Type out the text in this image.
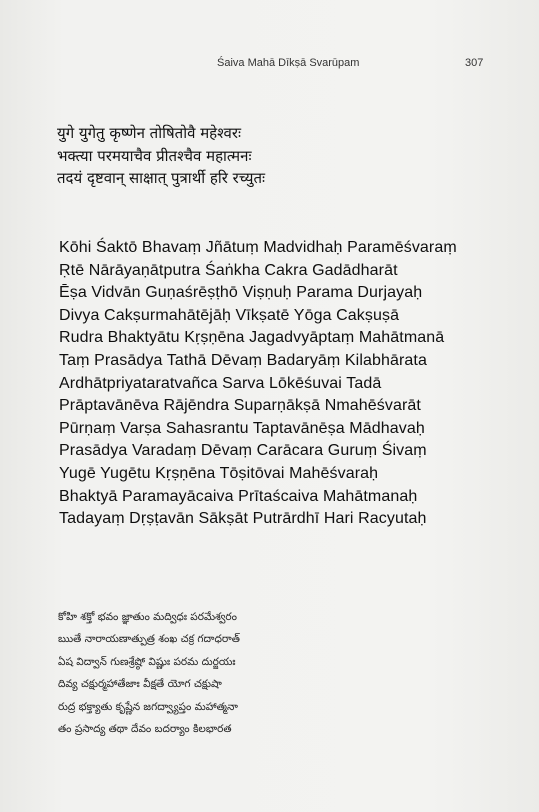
Śaiva Mahā Dīkṣā Svarūpam	307
युगे युगेतु कृष्णेन तोषितोवै महेश्वरः
भक्त्या परमयाचैव प्रीतश्चैव महात्मनः
तदयं दृष्टवान् साक्षात् पुत्रार्थी हरि रच्युतः
Kōhi Śaktō Bhavaṃ Jñātuṃ Madvidhaḥ Paramēśvaraṃ
Ṛtē Nārāyaṇātputra Śaṅkha Cakra Gadādharāt
Ēṣa Vidvān Guṇaśrēṣṭhō Viṣṇuḥ Parama Durjayaḥ
Divya Cakṣurmahātējāḥ Vīkṣatē Yōga Cakṣuṣā
Rudra Bhaktyātu Kṛṣṇēna Jagadvyāptaṃ Mahātmanā
Taṃ Prasādya Tathā Dēvaṃ Badaryāṃ Kilabhārata
Ardhātpriyataratvañca Sarva Lōkēśuvai Tadā
Prāptavānēva Rājēndra Suparṇākṣā Nmahēśvarāt
Pūrṇaṃ Varṣa Sahasrantu Taptavānēṣa Mādhavaḥ
Prasādya Varadaṃ Dēvaṃ Carācara Guruṃ Śivaṃ
Yugē Yugētu Kṛṣṇēna Tōṣitōvai Mahēśvaraḥ
Bhaktyā Paramayācaiva Prītaścaiva Mahātmanaḥ
Tadayaṃ Dṛṣṭavān Sākṣāt Putrārdhī Hari Racyutaḥ
కోహి శక్తో భవం జ్ఞాతుం మద్విధః పరమేశ్వరం
ఋతే నారాయణాత్పుత్ర శంఖ చక్ర గదాధరాత్
ఏష విద్వాన్ గుణశ్రేష్ఠో విష్ణుః పరమ దుర్జయః
దివ్య చక్షుర్మహాతేజాః వీక్షతే యోగ చక్షుషా
రుద్ర భక్త్యాతు కృష్ణేన జగద్వ్యాప్తం మహాత్మనా
తం ప్రసాద్య తథా దేవం బదర్యాం కిలభారత
